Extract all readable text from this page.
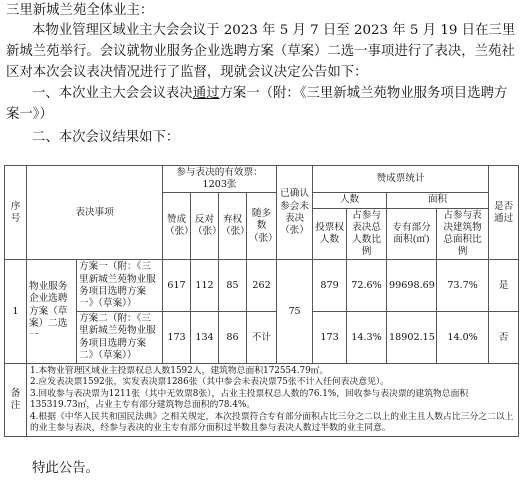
三里新城兰苑全体业主：
本物业管理区域业主大会会议于 2023 年 5 月 7 日至 2023 年 5 月 19 日在三里新城兰苑举行。会议就物业服务企业选聘方案（草案）二选一事项进行了表决，兰苑社区对本次会议表决情况进行了监督，现就会议决定公告如下：
一、本次业主大会会议表决通过方案一（附：《三里新城兰苑物业服务项目选聘方案一》）
二、本次会议结果如下：
序号	表决事项		参与表决的有效票：1203张				已确认参会未表决（张）	赞成票统计				是否通过
			赞成（张）	反对（张）	弃权（张）	随多数（张）		人数		面积		
								投票权人数	占参与表决总人数比例	专有部分面积(㎡)	占参与表决建筑物总面积比例	
1	物业服务企业选聘方案（草案）二选一	方案一（附：《三里新城兰苑物业服务项目选聘方案一》（草案））	617	112	85	262	75	879	72.6%	99698.69	73.7%	是
		方案二（附：《三里新城兰苑物业服务项目选聘方案二》（草案））	173	134	86	不计		173	14.3%	18902.15	14.0%	否
备注	1.本物业管理区域业主投票权总人数1592人，建筑物总面积172554.79㎡。
2.应发表决票1592张，实发表决票1286张（其中参会未表决票75张不计入任何表决意见）。
3.回收参与表决票为1211张（其中无效票8张），占业主投票权总人数的76.1%，回收参与表决票的建筑物总面积135319.73㎡，占业主专有部分建筑物总面积的78.4%。
4.根据《中华人民共和国民法典》之相关规定，本次投票符合专有部分面积占比三分之二以上的业主且人数占比三分之二以上的业主参与表决，经参与表决的业主专有部分面积过半数且参与表决人数过半数的业主同意。											
特此公告。
